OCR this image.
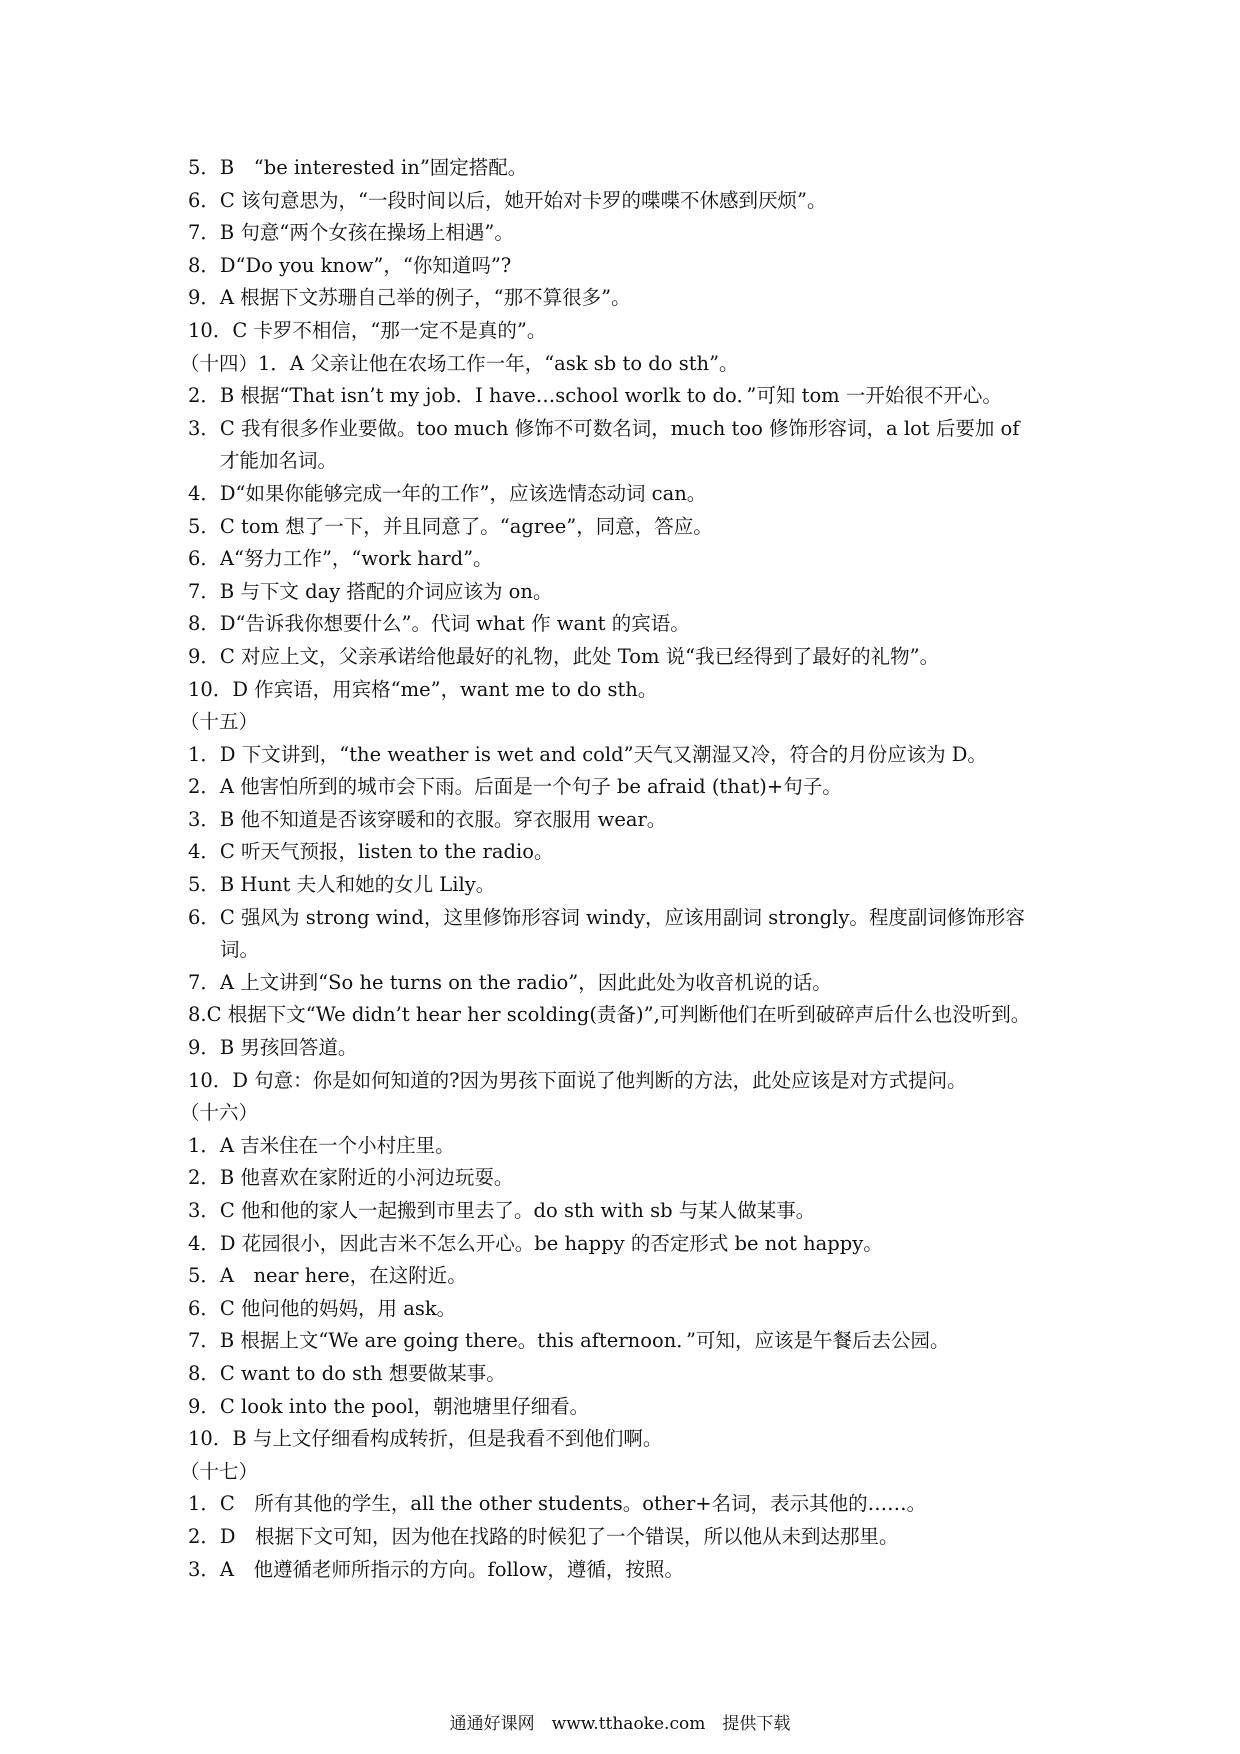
5．B　“be interested in”固定搭配。
6．C 该句意思为，“一段时间以后，她开始对卡罗的喋喋不休感到厌烦”。
7．B 句意“两个女孩在操场上相遇”。
8．D“Do you know”，“你知道吗”?
9．A 根据下文苏珊自己举的例子，“那不算很多”。
10．C 卡罗不相信，“那一定不是真的”。
（十四）1．A 父亲让他在农场工作一年，“ask sb to do sth”。
2．B 根据“That isn’t my job．I have…school worlk to do．”可知 tom 一开始很不开心。
3．C 我有很多作业要做。too much 修饰不可数名词，much too 修饰形容词，a lot 后要加 of
才能加名词。
4．D“如果你能够完成一年的工作”，应该选情态动词 can。
5．C tom 想了一下，并且同意了。“agree”，同意，答应。
6．A“努力工作”，“work hard”。
7．B 与下文 day 搭配的介词应该为 on。
8．D“告诉我你想要什么”。代词 what 作 want 的宾语。
9．C 对应上文，父亲承诺给他最好的礼物，此处 Tom 说“我已经得到了最好的礼物”。
10．D 作宾语，用宾格“me”，want me to do sth。
（十五）
1．D 下文讲到，“the weather is wet and cold”天气又潮湿又冷，符合的月份应该为 D。
2．A 他害怕所到的城市会下雨。后面是一个句子 be afraid (that)+句子。
3．B 他不知道是否该穿暖和的衣服。穿衣服用 wear。
4．C 听天气预报，listen to the radio。
5．B Hunt 夫人和她的女儿 Lily。
6．C 强风为 strong wind，这里修饰形容词 windy，应该用副词 strongly。程度副词修饰形容
词。
7．A 上文讲到“So he turns on the radio”，因此此处为收音机说的话。
8.C 根据下文“We didn’t hear her scolding(责备)”,可判断他们在听到破碎声后什么也没听到。
9．B 男孩回答道。
10．D 句意：你是如何知道的?因为男孩下面说了他判断的方法，此处应该是对方式提问。
（十六）
1．A 吉米住在一个小村庄里。
2．B 他喜欢在家附近的小河边玩耍。
3．C 他和他的家人一起搬到市里去了。do sth with sb 与某人做某事。
4．D 花园很小，因此吉米不怎么开心。be happy 的否定形式 be not happy。
5．A　near here，在这附近。
6．C 他问他的妈妈，用 ask。
7．B 根据上文“We are going there。this afternoon．”可知，应该是午餐后去公园。
8．C want to do sth 想要做某事。
9．C look into the pool，朝池塘里仔细看。
10．B 与上文仔细看构成转折，但是我看不到他们啊。
（十七）
1．C　所有其他的学生，all the other students。other+名词，表示其他的……。
2．D　根据下文可知，因为他在找路的时候犯了一个错误，所以他从未到达那里。
3．A　他遵循老师所指示的方向。follow，遵循，按照。
通通好课网　www.tthaoke.com　提供下载
